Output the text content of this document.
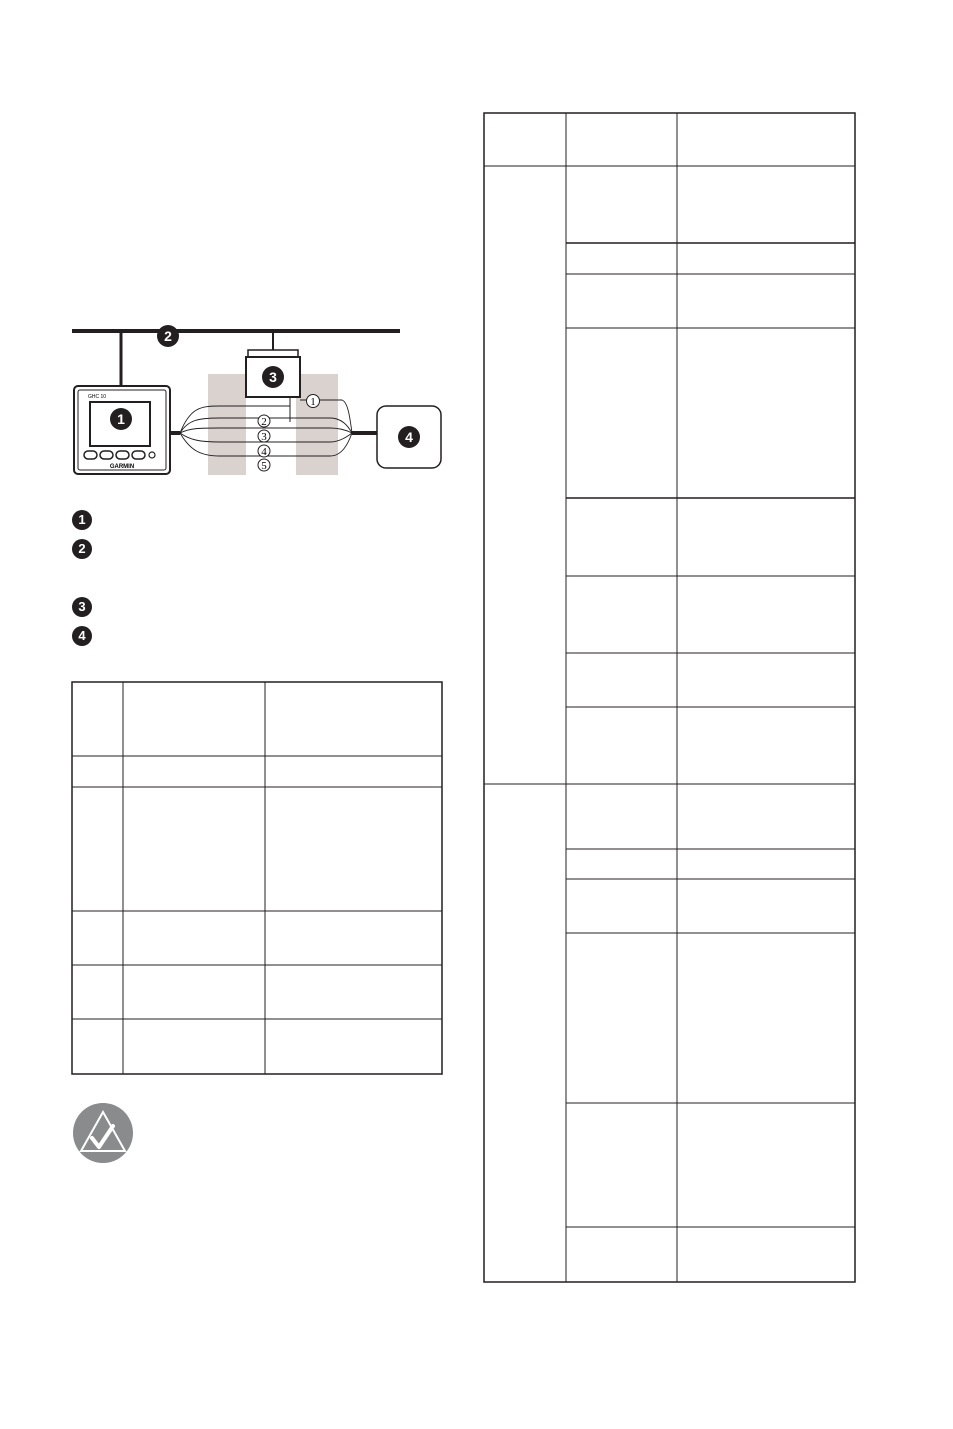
GHC 10
GARMIN
1
2
3
4
5
1
2
3
4
1
2
3
4
